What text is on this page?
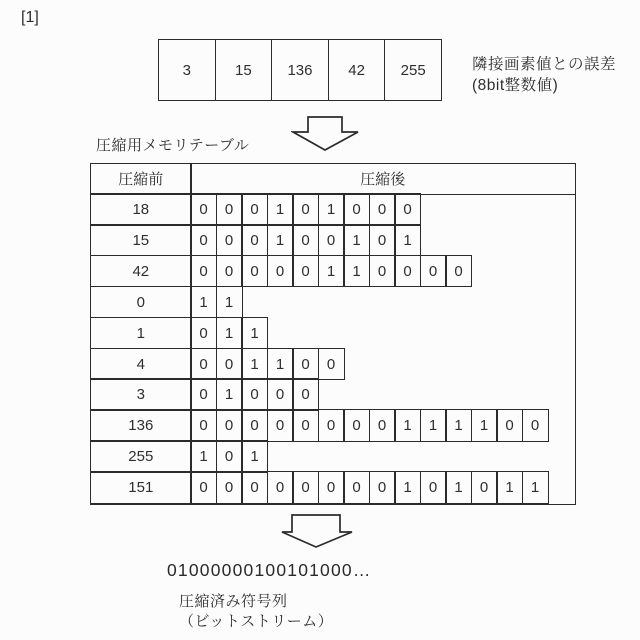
[1]
3	15	136	42	255	隣接画素値との誤差
(8bit整数値)
圧縮用メモリテーブル
圧縮前	圧縮後
18	0	0	0	1	0	1	0	0	0
15	0	0	0	1	0	0	1	0	1
42	0	0	0	0	0	1	1	0	0	0	0
0	1	1
1	0	1	1
4	0	0	1	1	0	0
3	0	1	0	0	0
136	0	0	0	0	0	0	0	0	1	1	1	1	0	0
255	1	0	1
151	0	0	0	0	0	0	0	0	1	0	1	0	1	1
01000000100101000…
圧縮済み符号列
（ビットストリーム）
